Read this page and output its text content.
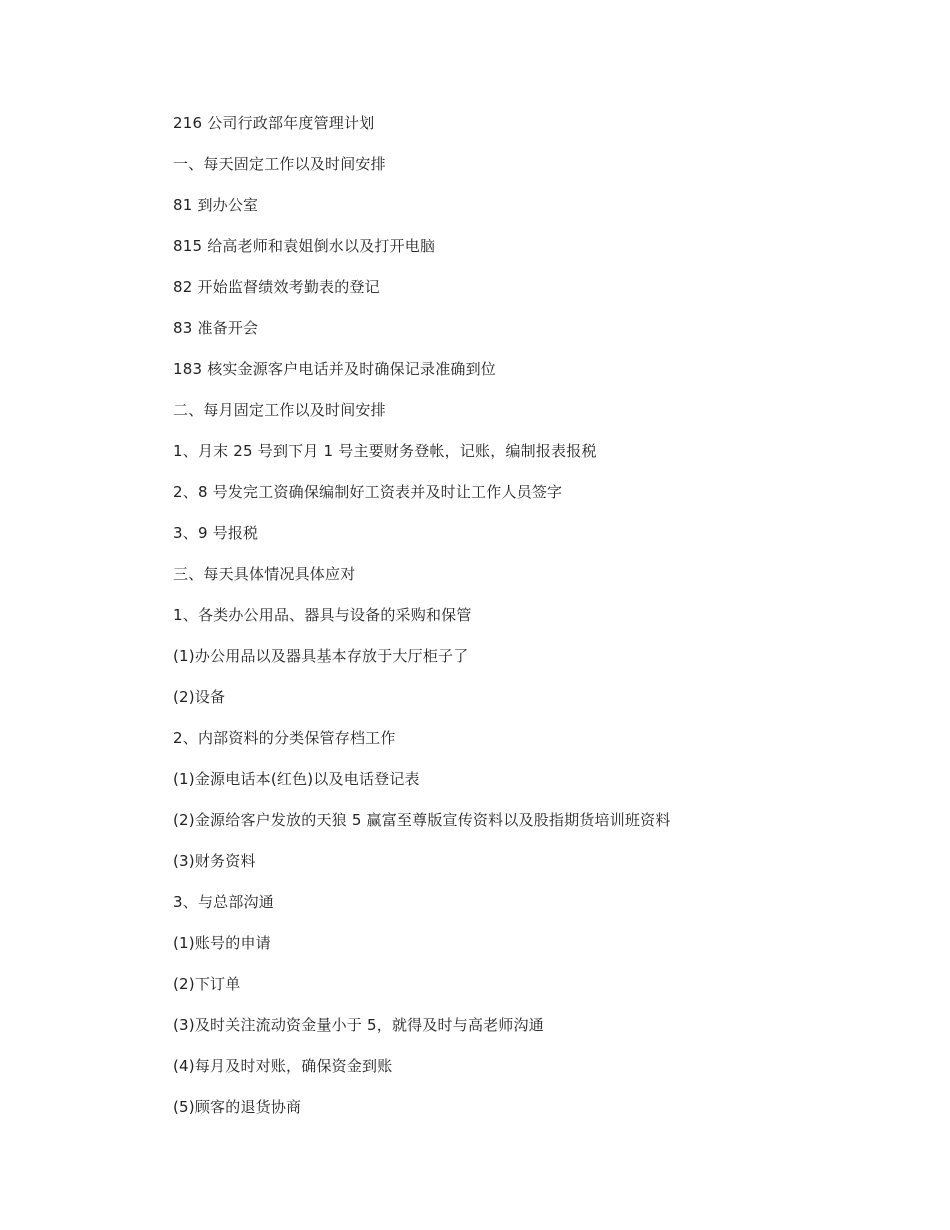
216 公司行政部年度管理计划
一、每天固定工作以及时间安排
81 到办公室
815 给高老师和袁姐倒水以及打开电脑
82 开始监督绩效考勤表的登记
83 准备开会
183 核实金源客户电话并及时确保记录准确到位
二、每月固定工作以及时间安排
1、月末 25 号到下月 1 号主要财务登帐，记账，编制报表报税
2、8 号发完工资确保编制好工资表并及时让工作人员签字
3、9 号报税
三、每天具体情况具体应对
1、各类办公用品、器具与设备的采购和保管
(1)办公用品以及器具基本存放于大厅柜子了
(2)设备
2、内部资料的分类保管存档工作
(1)金源电话本(红色)以及电话登记表
(2)金源给客户发放的天狼 5 赢富至尊版宣传资料以及股指期货培训班资料
(3)财务资料
3、与总部沟通
(1)账号的申请
(2)下订单
(3)及时关注流动资金量小于 5，就得及时与高老师沟通
(4)每月及时对账，确保资金到账
(5)顾客的退货协商
